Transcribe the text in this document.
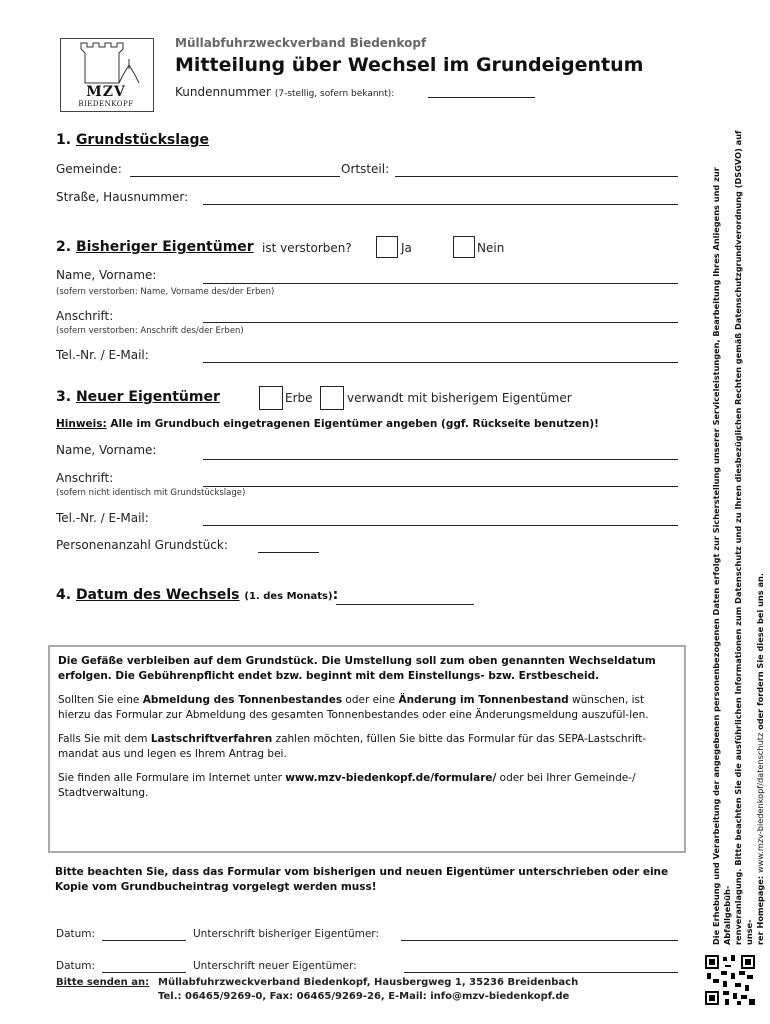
MZV
BIEDENKOPF
Müllabfuhrzweckverband Biedenkopf
Mitteilung über Wechsel im Grundeigentum
Kundennummer (7-stellig, sofern bekannt):
1. Grundstückslage
Gemeinde:	Ortsteil:
Straße, Hausnummer:
2. Bisheriger Eigentümer ist verstorben?	Ja	Nein
Name, Vorname:
(sofern verstorben: Name, Vorname des/der Erben)
Anschrift:
(sofern verstorben: Anschrift des/der Erben)
Tel.-Nr. / E-Mail:
3. Neuer Eigentümer	Erbe	verwandt mit bisherigem Eigentümer
Hinweis: Alle im Grundbuch eingetragenen Eigentümer angeben (ggf. Rückseite benutzen)!
Name, Vorname:
Anschrift:
(sofern nicht identisch mit Grundstückslage)
Tel.-Nr. / E-Mail:
Personenanzahl Grundstück:
4. Datum des Wechsels (1. des Monats):

Die Gefäße verbleiben auf dem Grundstück. Die Umstellung soll zum oben genannten Wechseldatum erfolgen. Die Gebührenpflicht endet bzw. beginnt mit dem Einstellungs- bzw. Erstbescheid.

Sollten Sie eine Abmeldung des Tonnenbestandes oder eine Änderung im Tonnenbestand wünschen, ist hierzu das Formular zur Abmeldung des gesamten Tonnenbestandes oder eine Änderungsmeldung auszufül-len.

Falls Sie mit dem Lastschriftverfahren zahlen möchten, füllen Sie bitte das Formular für das SEPA-Lastschrift-mandat aus und legen es Ihrem Antrag bei.

Sie finden alle Formulare im Internet unter www.mzv-biedenkopf.de/formulare/ oder bei Ihrer Gemeinde-/ Stadtverwaltung.

Bitte beachten Sie, dass das Formular vom bisherigen und neuen Eigentümer unterschrieben oder eine Kopie vom Grundbucheintrag vorgelegt werden muss!
Datum:	Unterschrift bisheriger Eigentümer:
Datum:	Unterschrift neuer Eigentümer:
Bitte senden an: Müllabfuhrzweckverband Biedenkopf, Hausbergweg 1, 35236 Breidenbach
Tel.: 06465/9269-0, Fax: 06465/9269-26, E-Mail: info@mzv-biedenkopf.de
Die Erhebung und Verarbeitung der angegebenen personenbezogenen Daten erfolgt zur Sicherstellung unserer Serviceleistungen, Bearbeitung Ihres Anliegens und zur Abfallgebüh- renveranlagung. Bitte beachten Sie die ausführlichen Informationen zum Datenschutz und zu Ihren diesbezüglichen Rechten gemäß Datenschutzgrundverordnung (DSGVO) auf unse- rer Homepage: www.mzv-biedenkopf/datenschutz oder fordern Sie diese bei uns an.
